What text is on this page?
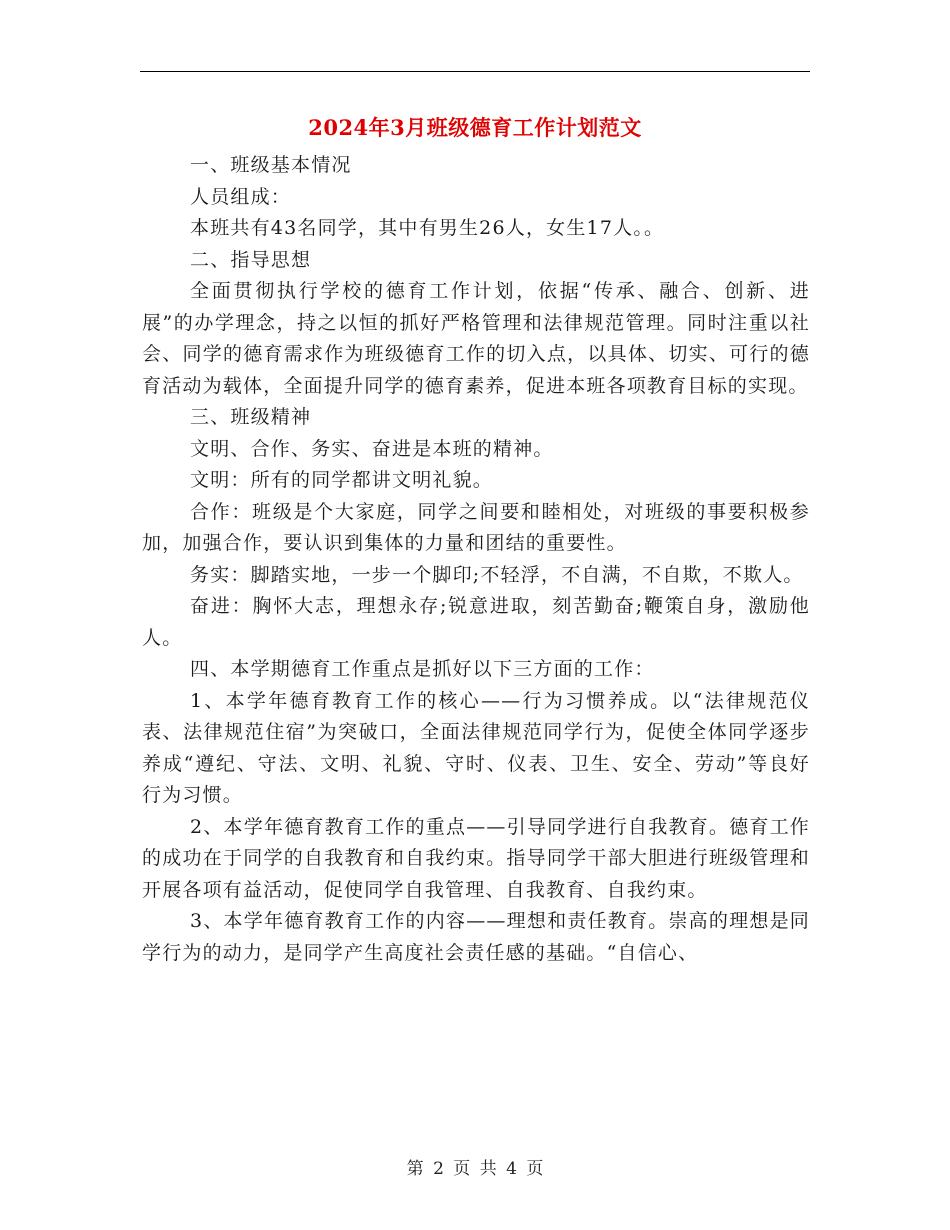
2024年3月班级德育工作计划范文

一、班级基本情况

人员组成：

本班共有43名同学，其中有男生26人，女生17人。。

二、指导思想

全面贯彻执行学校的德育工作计划，依据“传承、融合、创新、进展”的办学理念，持之以恒的抓好严格管理和法律规范管理。同时注重以社会、同学的德育需求作为班级德育工作的切入点，以具体、切实、可行的德育活动为载体，全面提升同学的德育素养，促进本班各项教育目标的实现。

三、班级精神

文明、合作、务实、奋进是本班的精神。

文明：所有的同学都讲文明礼貌。

合作：班级是个大家庭，同学之间要和睦相处，对班级的事要积极参加，加强合作，要认识到集体的力量和团结的重要性。

务实：脚踏实地，一步一个脚印;不轻浮，不自满，不自欺，不欺人。

奋进：胸怀大志，理想永存;锐意进取，刻苦勤奋;鞭策自身，激励他人。

四、本学期德育工作重点是抓好以下三方面的工作：

1、本学年德育教育工作的核心——行为习惯养成。以“法律规范仪表、法律规范住宿”为突破口，全面法律规范同学行为，促使全体同学逐步养成“遵纪、守法、文明、礼貌、守时、仪表、卫生、安全、劳动”等良好行为习惯。

2、本学年德育教育工作的重点——引导同学进行自我教育。德育工作的成功在于同学的自我教育和自我约束。指导同学干部大胆进行班级管理和开展各项有益活动，促使同学自我管理、自我教育、自我约束。

3、本学年德育教育工作的内容——理想和责任教育。崇高的理想是同学行为的动力，是同学产生高度社会责任感的基础。“自信心、

第 2 页 共 4 页
